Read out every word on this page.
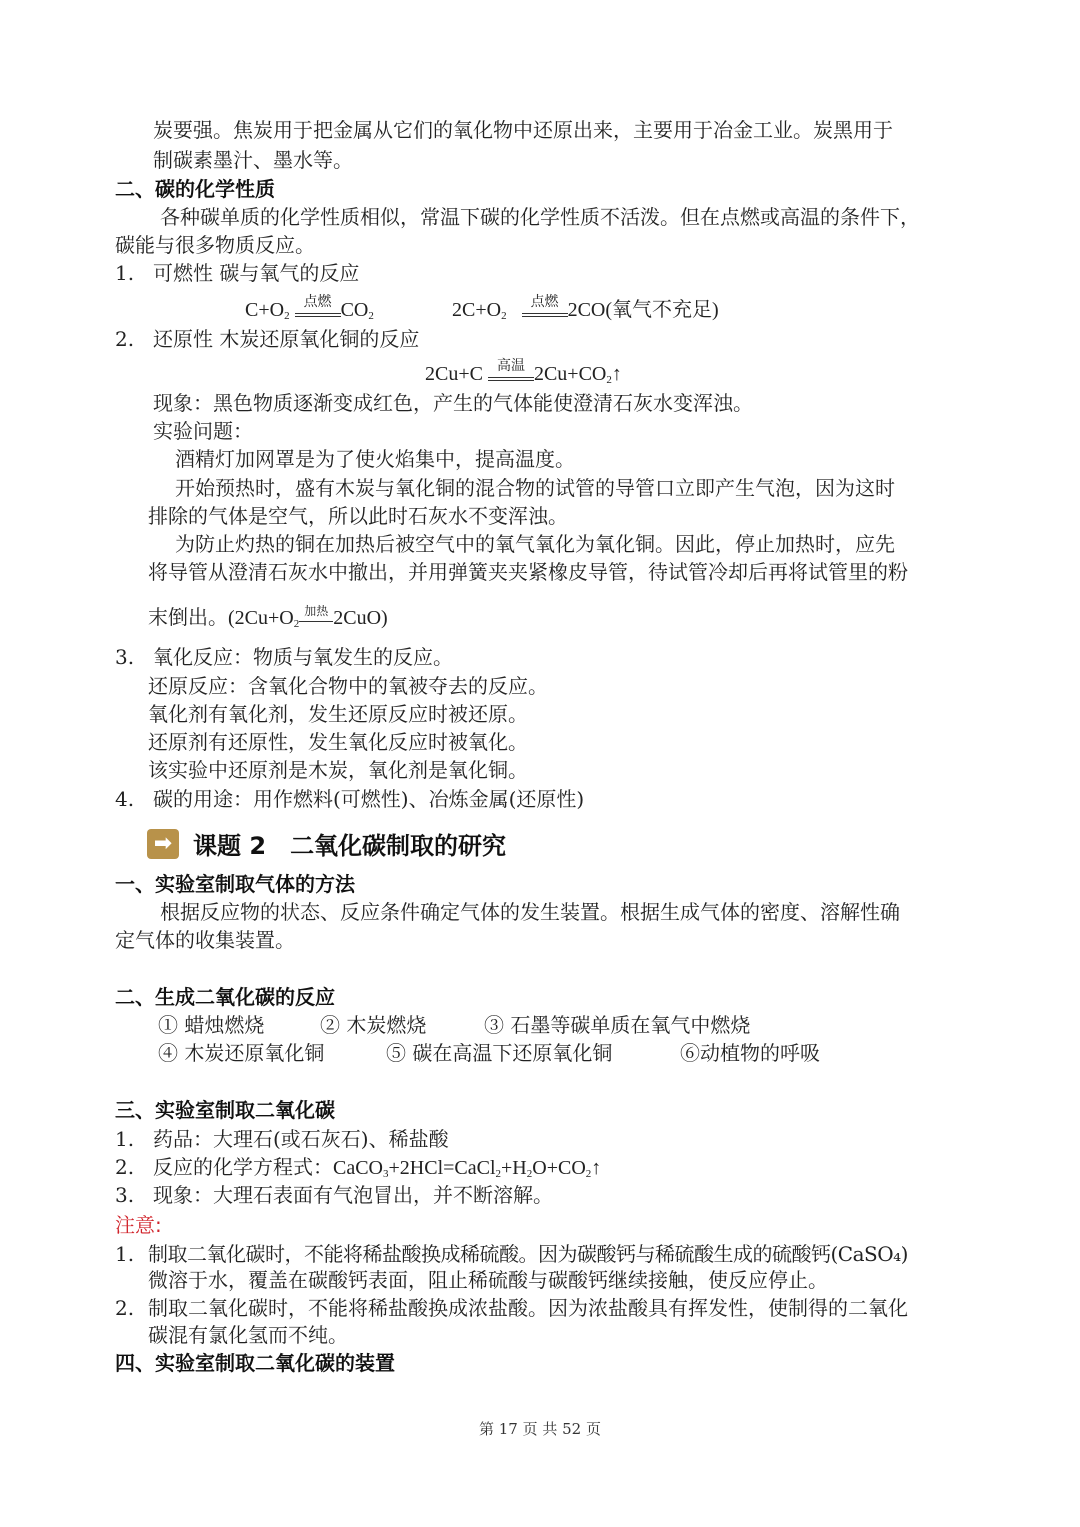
炭要强。焦炭用于把金属从它们的氧化物中还原出来，主要用于冶金工业。炭黑用于
制碳素墨汁、墨水等。
二、碳的化学性质
各种碳单质的化学性质相似，常温下碳的化学性质不活泼。但在点燃或高温的条件下，
碳能与很多物质反应。
1. 可燃性 碳与氧气的反应
$C+O_2$
点燃 $CO_2$	$2C+O_2$
点燃 2CO(氧气不充足)
2. 还原性 木炭还原氧化铜的反应
2Cu+C	高温 $2Cu+CO_2↑$
现象：黑色物质逐渐变成红色，产生的气体能使澄清石灰水变浑浊。
实验问题：
酒精灯加网罩是为了使火焰集中，提高温度。
开始预热时，盛有木炭与氧化铜的混合物的试管的导管口立即产生气泡，因为这时
排除的气体是空气，所以此时石灰水不变浑浊。
为防止灼热的铜在加热后被空气中的氧气氧化为氧化铜。因此，停止加热时，应先
将导管从澄清石灰水中撤出，并用弹簧夹夹紧橡皮导管，待试管冷却后再将试管里的粉
末倒出。($2Cu+O_2$
加热 2CuO)
3. 氧化反应：物质与氧发生的反应。
还原反应：含氧化合物中的氧被夺去的反应。
氧化剂有氧化剂，发生还原反应时被还原。
还原剂有还原性，发生氧化反应时被氧化。
该实验中还原剂是木炭，氧化剂是氧化铜。
4. 碳的用途：用作燃料(可燃性)、冶炼金属(还原性)
➡ 课题 2 二氧化碳制取的研究
一、实验室制取气体的方法
根据反应物的状态、反应条件确定气体的发生装置。根据生成气体的密度、溶解性确
定气体的收集装置。
二、生成二氧化碳的反应
① 蜡烛燃烧	② 木炭燃烧	③ 石墨等碳单质在氧气中燃烧
④ 木炭还原氧化铜	⑤ 碳在高温下还原氧化铜	⑥动植物的呼吸
三、实验室制取二氧化碳
1. 药品：大理石(或石灰石)、稀盐酸
2. 反应的化学方程式：$CaCO_3+2HCl=CaCl_2+H_2O+CO_2↑$
3. 现象：大理石表面有气泡冒出，并不断溶解。
注意:
1. 制取二氧化碳时，不能将稀盐酸换成稀硫酸。因为碳酸钙与稀硫酸生成的硫酸钙(CaSO₄)
微溶于水，覆盖在碳酸钙表面，阻止稀硫酸与碳酸钙继续接触，使反应停止。
2. 制取二氧化碳时，不能将稀盐酸换成浓盐酸。因为浓盐酸具有挥发性，使制得的二氧化
碳混有氯化氢而不纯。
四、实验室制取二氧化碳的装置
第 17 页 共 52 页
